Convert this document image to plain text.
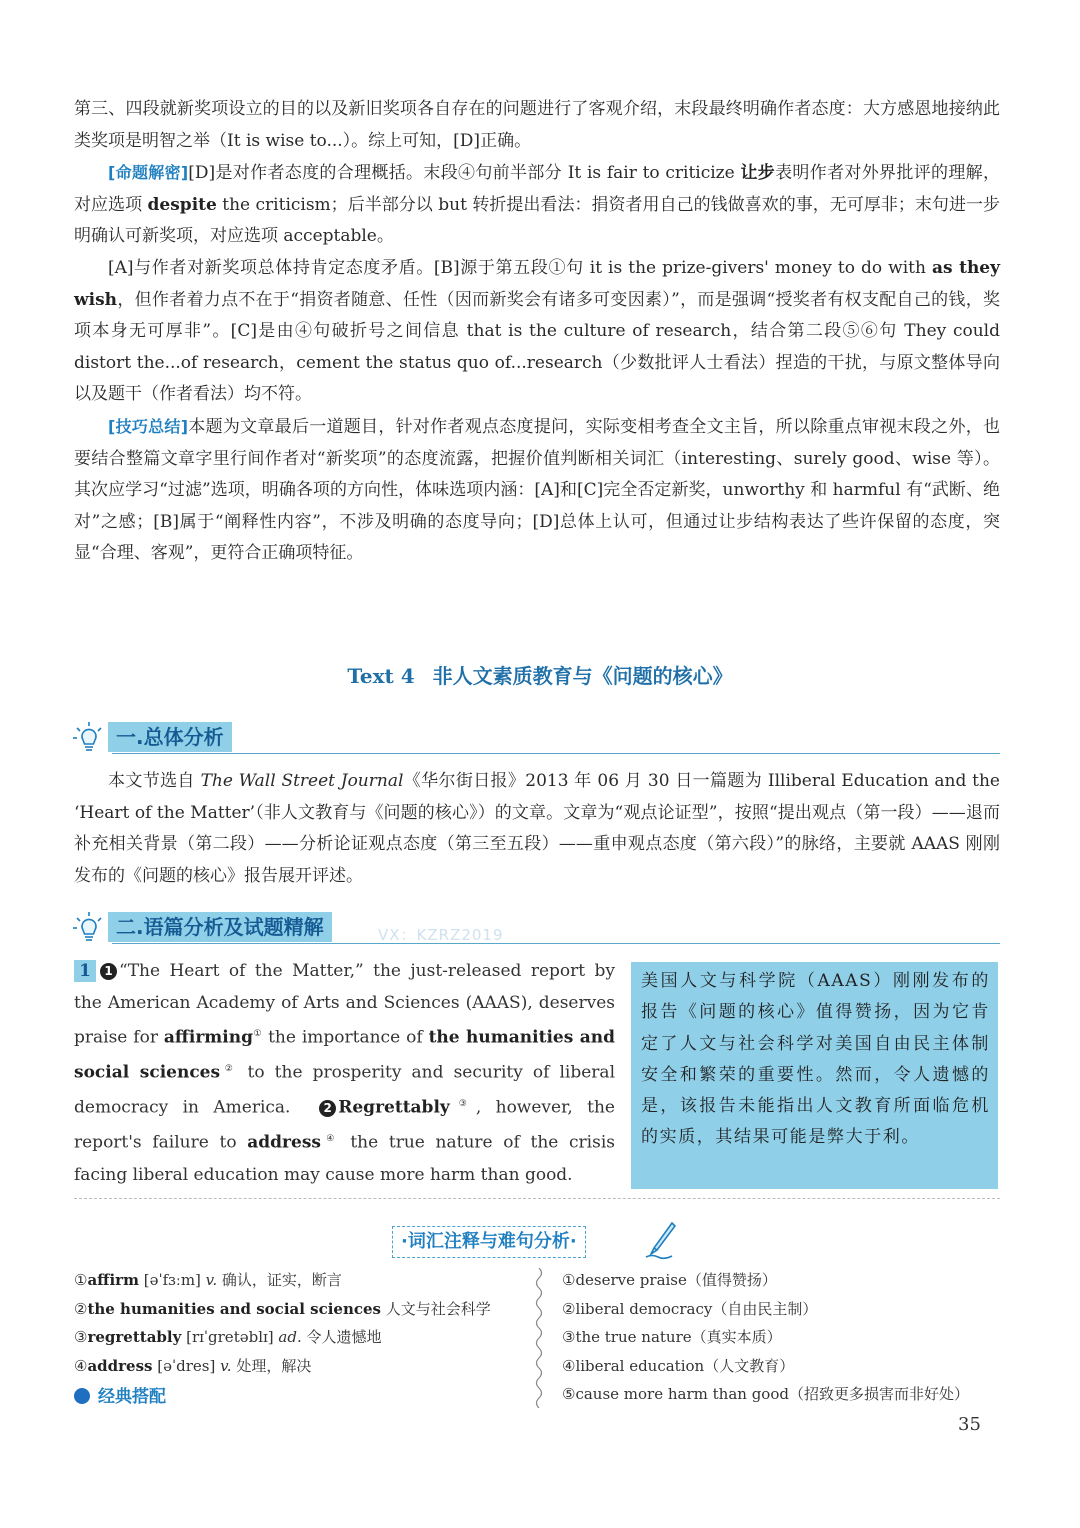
第三、四段就新奖项设立的目的以及新旧奖项各自存在的问题进行了客观介绍，末段最终明确作者态度：大方感恩地接纳此类奖项是明智之举（It is wise to...）。综上可知，[D]正确。

[命题解密][D]是对作者态度的合理概括。末段④句前半部分 It is fair to criticize 让步表明作者对外界批评的理解，对应选项 despite the criticism；后半部分以 but 转折提出看法：捐资者用自己的钱做喜欢的事，无可厚非；末句进一步明确认可新奖项，对应选项 acceptable。

[A]与作者对新奖项总体持肯定态度矛盾。[B]源于第五段①句 it is the prize-givers' money to do with as they wish，但作者着力点不在于“捐资者随意、任性（因而新奖会有诸多可变因素）”，而是强调“授奖者有权支配自己的钱，奖项本身无可厚非”。[C]是由④句破折号之间信息 that is the culture of research，结合第二段⑤⑥句 They could distort the...of research，cement the status quo of...research（少数批评人士看法）捏造的干扰，与原文整体导向以及题干（作者看法）均不符。

[技巧总结]本题为文章最后一道题目，针对作者观点态度提问，实际变相考查全文主旨，所以除重点审视末段之外，也要结合整篇文章字里行间作者对“新奖项”的态度流露，把握价值判断相关词汇（interesting、surely good、wise 等）。其次应学习“过滤”选项，明确各项的方向性，体味选项内涵：[A]和[C]完全否定新奖，unworthy 和 harmful 有“武断、绝对”之感；[B]属于“阐释性内容”，不涉及明确的态度导向；[D]总体上认可，但通过让步结构表达了些许保留的态度，突显“合理、客观”，更符合正确项特征。

Text 4 非人文素质教育与《问题的核心》
一.总体分析

本文节选自 The Wall Street Journal《华尔街日报》2013 年 06 月 30 日一篇题为 Illiberal Education and the ‘Heart of the Matter’（非人文教育与《问题的核心》）的文章。文章为“观点论证型”，按照“提出观点（第一段）——退而补充相关背景（第二段）——分析论证观点态度（第三至五段）——重申观点态度（第六段）”的脉络，主要就 AAAS 刚刚发布的《问题的核心》报告展开评述。

二.语篇分析及试题精解	VX：KZRZ2019
1 1 “The Heart of the Matter,” the just-released report by the American Academy of Arts and Sciences (AAAS), deserves praise for affirming① the importance of the humanities and social sciences② to the prosperity and security of liberal democracy in America.	2 Regrettably③, however, the report's failure to address④ the true nature of the crisis facing liberal education may cause more harm than good.
美国人文与科学院（AAAS）刚刚发布的报告《问题的核心》值得赞扬，因为它肯定了人文与社会科学对美国自由民主体制安全和繁荣的重要性。然而，令人遗憾的是，该报告未能指出人文教育所面临危机的实质，其结果可能是弊大于利。
·词汇注释与难句分析·
①affirm [əˈfɜːm] v. 确认，证实，断言
②the humanities and social sciences 人文与社会科学
③regrettably [rɪˈgretəblɪ] ad. 令人遗憾地
④address [əˈdres] v. 处理，解决
①deserve praise（值得赞扬）
②liberal democracy（自由民主制）
③the true nature（真实本质）
④liberal education（人文教育）
⑤cause more harm than good（招致更多损害而非好处）
经典搭配
35
